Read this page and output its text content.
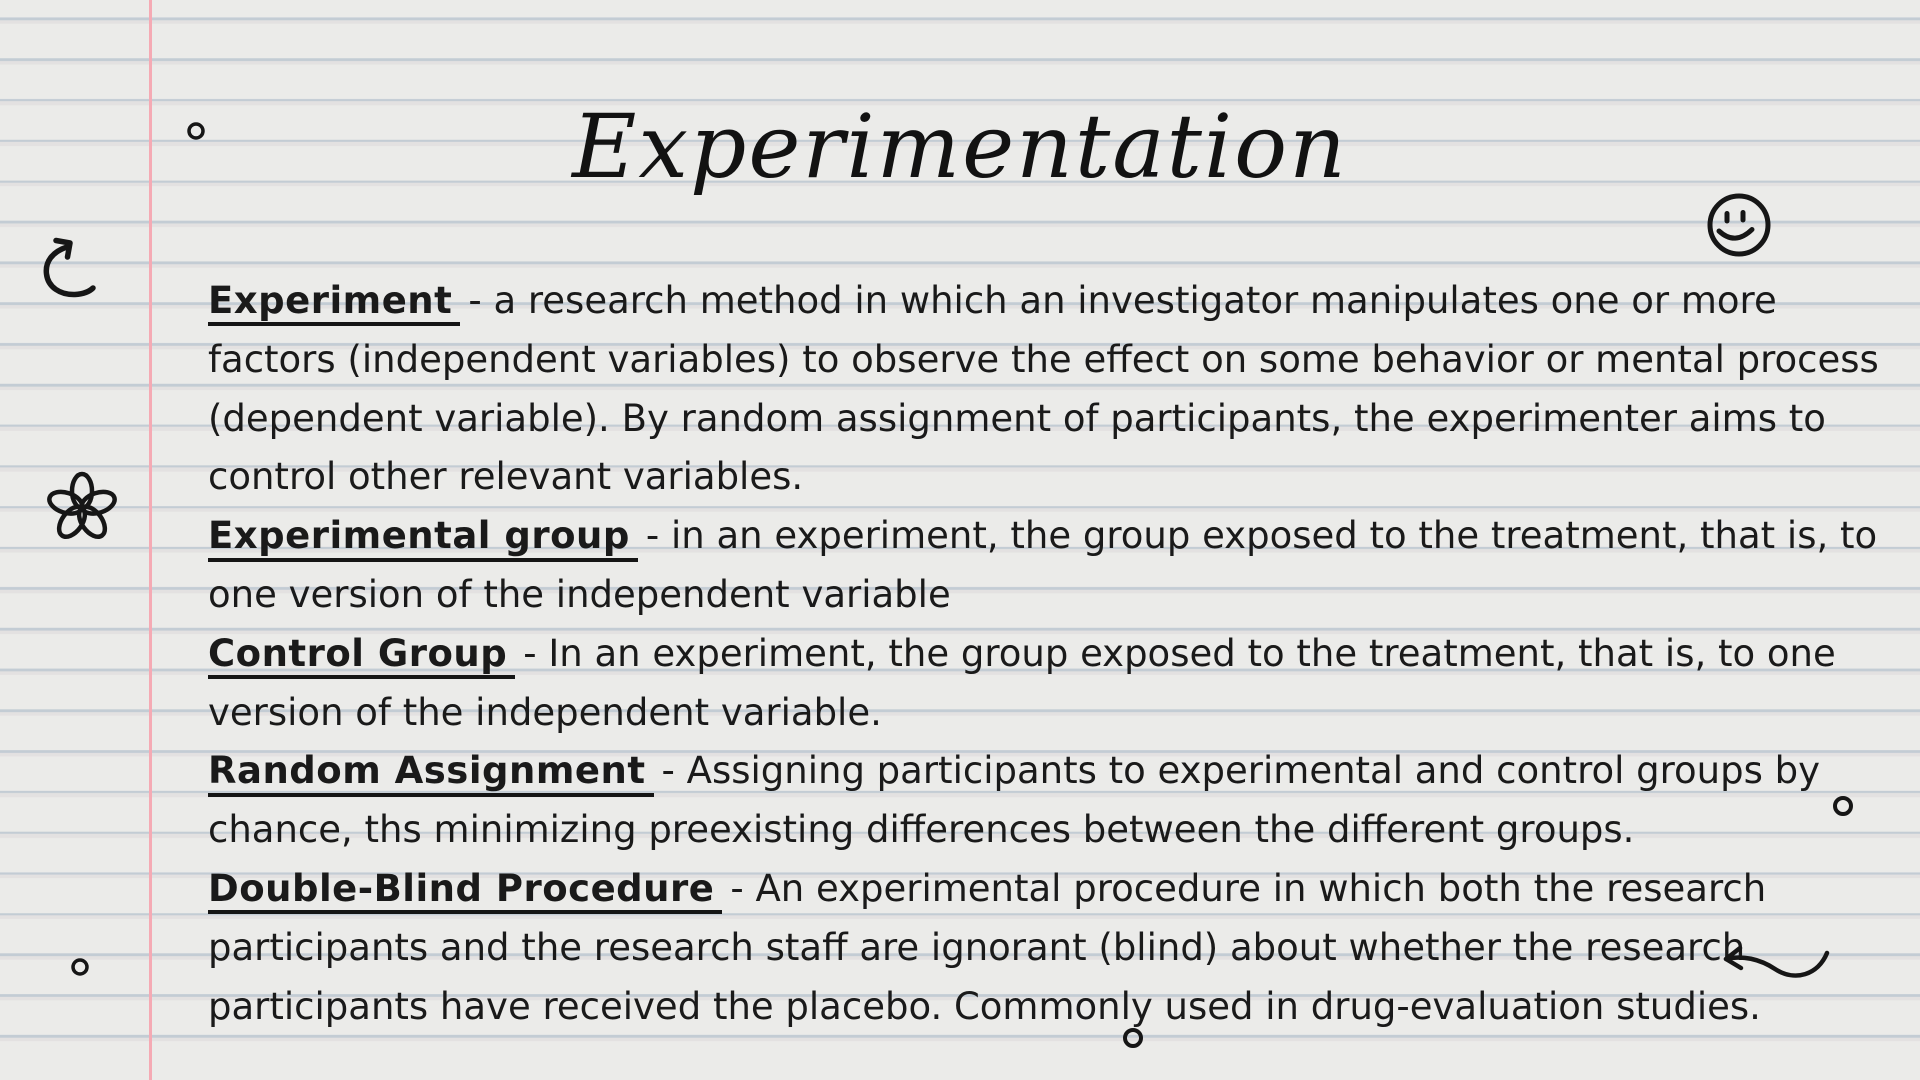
Experimentation
Experiment - a research method in which an investigator manipulates one or more
factors (independent variables) to observe the effect on some behavior or mental process
(dependent variable). By random assignment of participants, the experimenter aims to
control other relevant variables.
Experimental group - in an experiment, the group exposed to the treatment, that is, to
one version of the independent variable
Control Group - In an experiment, the group exposed to the treatment, that is, to one
version of the independent variable.
Random Assignment - Assigning participants to experimental and control groups by
chance, ths minimizing preexisting differences between the different groups.
Double-Blind Procedure - An experimental procedure in which both the research
participants and the research staff are ignorant (blind) about whether the research
participants have received the placebo. Commonly used in drug-evaluation studies.
